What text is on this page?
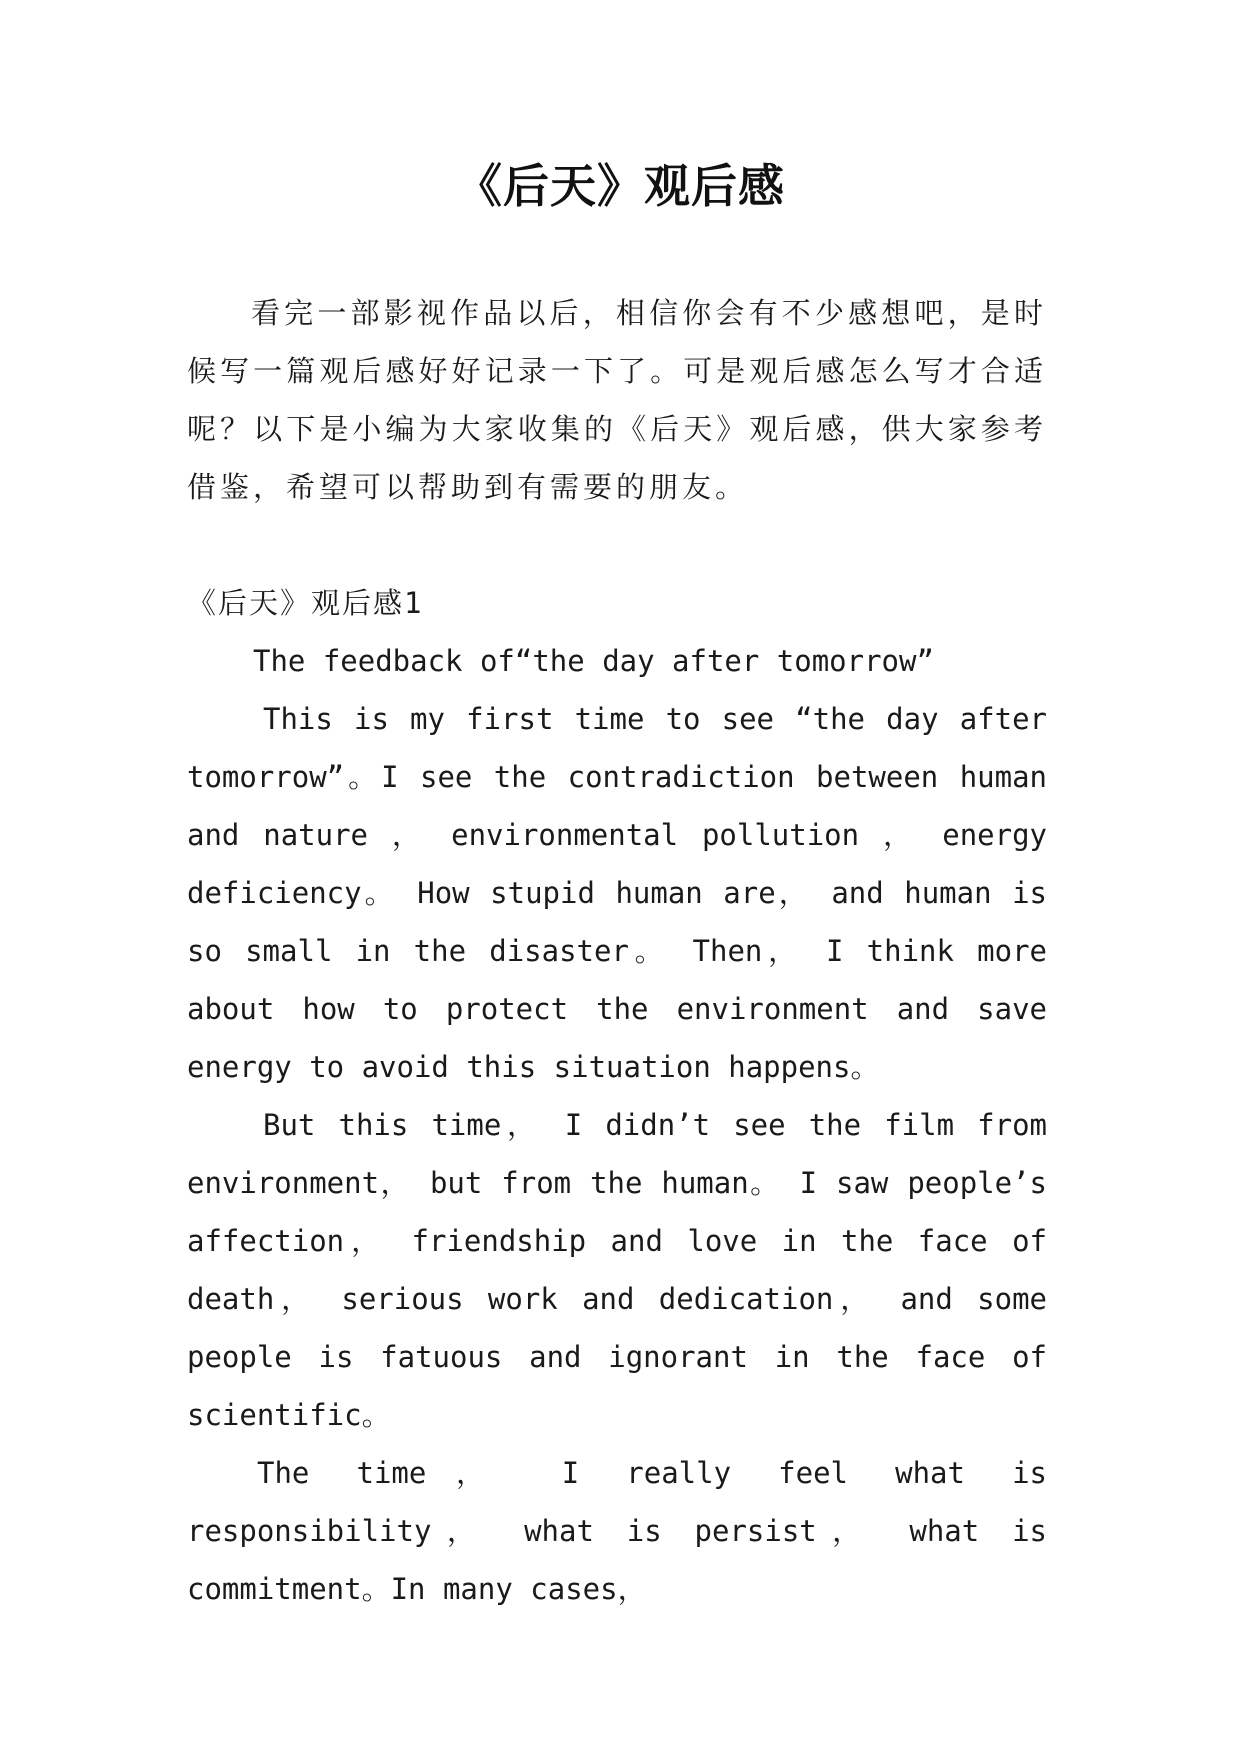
《后天》观后感

看完一部影视作品以后，相信你会有不少感想吧，是时候写一篇观后感好好记录一下了。可是观后感怎么写才合适呢？以下是小编为大家收集的《后天》观后感，供大家参考借鉴，希望可以帮助到有需要的朋友。

《后天》观后感1

The feedback of“the day after tomorrow”

This is my first time to see “the day after tomorrow”。I see the contradiction between human and nature ， environmental pollution ， energy deficiency。 How stupid human are， and human is so small in the disaster。 Then， I think more about how to protect the environment and save energy to avoid this situation happens。

But this time， I didn’t see the film from environment， but from the human。 I saw people’s affection， friendship and love in the face of death， serious work and dedication， and some people is fatuous and ignorant in the face of scientific。

The time， I really feel what is responsibility， what is persist， what is commitment。In many cases，
